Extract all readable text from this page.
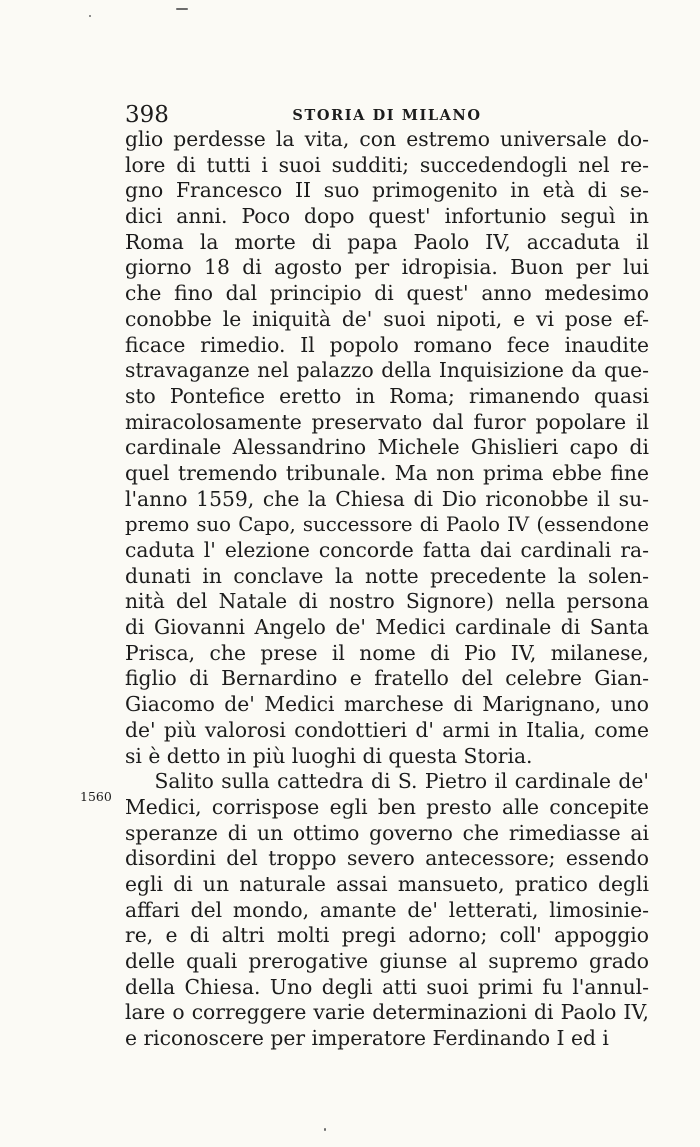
398	STORIA DI MILANO
1560
glio perdesse la vita, con estremo universale do-
lore di tutti i suoi sudditi; succedendogli nel re-
gno Francesco II suo primogenito in età di se-
dici anni. Poco dopo quest' infortunio seguì in
Roma la morte di papa Paolo IV, accaduta il
giorno 18 di agosto per idropisia. Buon per lui
che fino dal principio di quest' anno medesimo
conobbe le iniquità de' suoi nipoti, e vi pose ef-
ficace rimedio. Il popolo romano fece inaudite
stravaganze nel palazzo della Inquisizione da que-
sto Pontefice eretto in Roma; rimanendo quasi
miracolosamente preservato dal furor popolare il
cardinale Alessandrino Michele Ghislieri capo di
quel tremendo tribunale. Ma non prima ebbe fine
l'anno 1559, che la Chiesa di Dio riconobbe il su-
premo suo Capo, successore di Paolo IV (essendone
caduta l' elezione concorde fatta dai cardinali ra-
dunati in conclave la notte precedente la solen-
nità del Natale di nostro Signore) nella persona
di Giovanni Angelo de' Medici cardinale di Santa
Prisca, che prese il nome di Pio IV, milanese,
figlio di Bernardino e fratello del celebre Gian-
Giacomo de' Medici marchese di Marignano, uno
de' più valorosi condottieri d' armi in Italia, come
si è detto in più luoghi di questa Storia.
Salito sulla cattedra di S. Pietro il cardinale de'
Medici, corrispose egli ben presto alle concepite
speranze di un ottimo governo che rimediasse ai
disordini del troppo severo antecessore; essendo
egli di un naturale assai mansueto, pratico degli
affari del mondo, amante de' letterati, limosinie-
re, e di altri molti pregi adorno; coll' appoggio
delle quali prerogative giunse al supremo grado
della Chiesa. Uno degli atti suoi primi fu l'annul-
lare o correggere varie determinazioni di Paolo IV,
e riconoscere per imperatore Ferdinando I ed i
